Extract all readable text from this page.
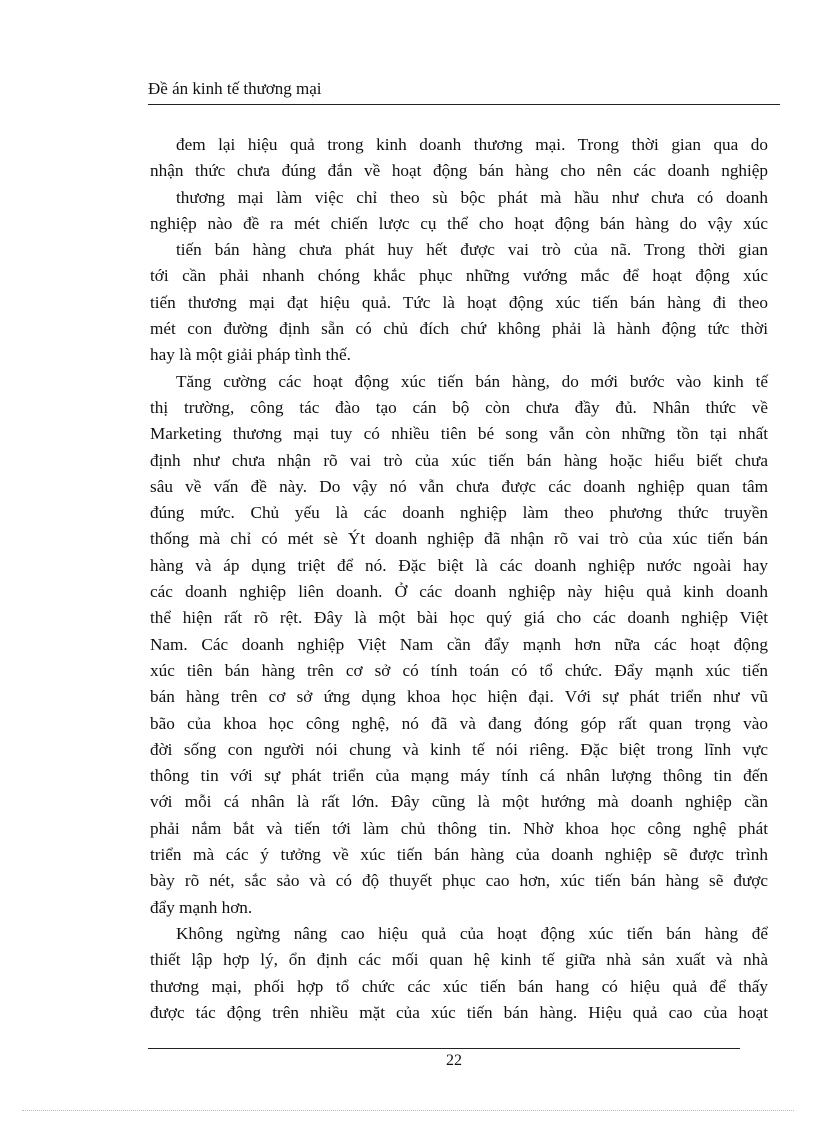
Đề án kinh tế thương mại
đem lại hiệu quả trong kinh doanh thương mại. Trong thời gian qua do
nhận thức chưa đúng đắn về hoạt động bán hàng cho nên các doanh nghiệp
thương mại làm việc chỉ theo sù bộc phát mà hầu như chưa có doanh
nghiệp nào đề ra mét chiến lược cụ thể cho hoạt động bán hàng do vậy xúc
tiến bán hàng chưa phát huy hết được vai trò của nã. Trong thời gian
tới cần phải nhanh chóng khắc phục những vướng mắc để hoạt động xúc
tiến thương mại đạt hiệu quả. Tức là hoạt động xúc tiến bán hàng đi theo
mét con đường định sẵn có chủ đích chứ không phải là hành động tức thời
hay là một giải pháp tình thế.
Tăng cường các hoạt động xúc tiến bán hàng, do mới bước vào kinh tế
thị trường, công tác đào tạo cán bộ còn chưa đầy đủ. Nhân thức về
Marketing thương mại tuy có nhiều tiên bé song vẫn còn những tồn tại nhất
định như chưa nhận rõ vai trò của xúc tiến bán hàng hoặc hiểu biết chưa
sâu về vấn đề này. Do vậy nó vẫn chưa được các doanh nghiệp quan tâm
đúng mức. Chủ yếu là các doanh nghiệp làm theo phương thức truyền
thống mà chỉ có mét sè Ýt doanh nghiệp đã nhận rõ vai trò của xúc tiến bán
hàng và áp dụng triệt để nó. Đặc biệt là các doanh nghiệp nước ngoài hay
các doanh nghiệp liên doanh. Ở các doanh nghiệp này hiệu quả kinh doanh
thể hiện rất rõ rệt. Đây là một bài học quý giá cho các doanh nghiệp Việt
Nam. Các doanh nghiệp Việt Nam cần đẩy mạnh hơn nữa các hoạt động
xúc tiên bán hàng trên cơ sở có tính toán có tổ chức. Đẩy mạnh xúc tiến
bán hàng trên cơ sở ứng dụng khoa học hiện đại. Với sự phát triển như vũ
bão của khoa học công nghệ, nó đã và đang đóng góp rất quan trọng vào
đời sống con người nói chung và kinh tế nói riêng. Đặc biệt trong lĩnh vực
thông tin với sự phát triển của mạng máy tính cá nhân lượng thông tin đến
với mỗi cá nhân là rất lớn. Đây cũng là một hướng mà doanh nghiệp cần
phải nắm bắt và tiến tới làm chủ thông tin. Nhờ khoa học công nghệ phát
triển mà các ý tưởng về xúc tiến bán hàng của doanh nghiệp sẽ được trình
bày rõ nét, sắc sảo và có độ thuyết phục cao hơn, xúc tiến bán hàng sẽ được
đẩy mạnh hơn.
Không ngừng nâng cao hiệu quả của hoạt động xúc tiến bán hàng để
thiết lập hợp lý, ổn định các mối quan hệ kinh tế giữa nhà sản xuất và nhà
thương mại, phối hợp tổ chức các xúc tiến bán hang có hiệu quả để thấy
được tác động trên nhiều mặt của xúc tiến bán hàng. Hiệu quả cao của hoạt
22
